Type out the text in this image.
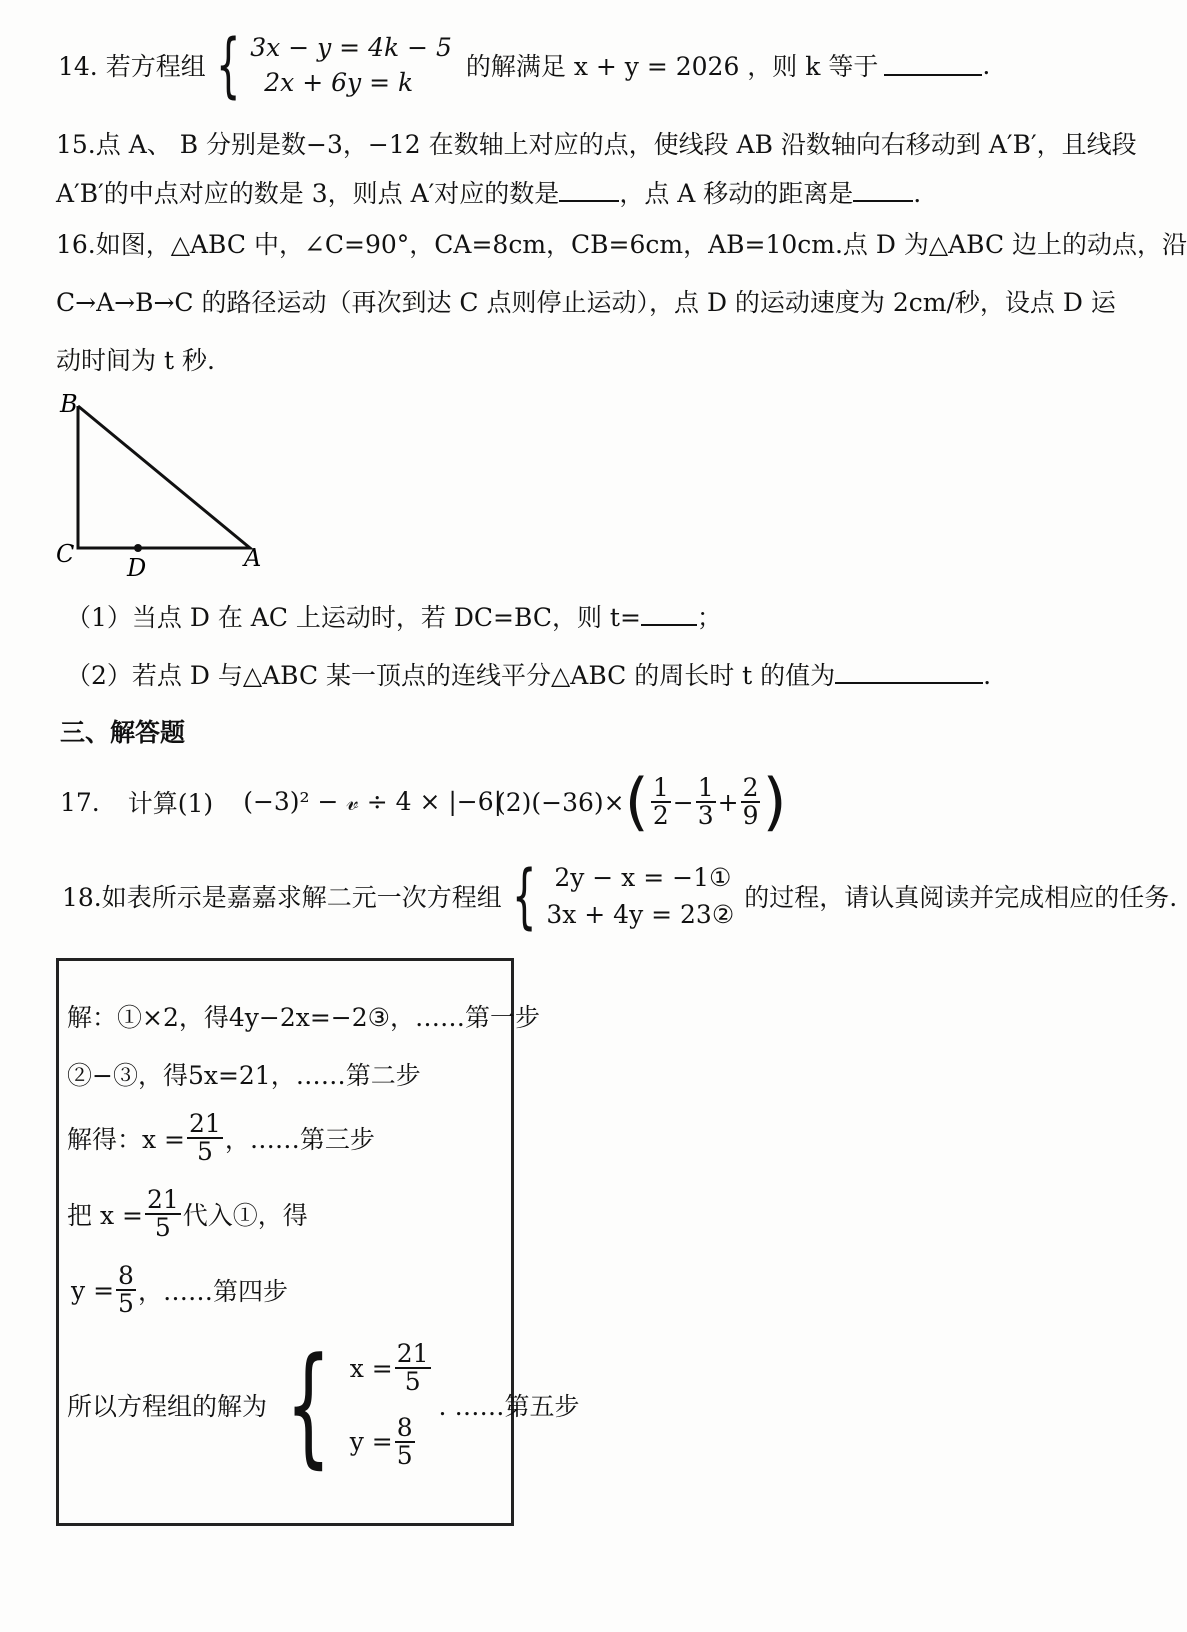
14. 若方程组 { 3x − y = 4k − 5
2x + 6y = k
的解满足 x + y = 2026 ，则 k 等于	.
15.点 A、 B 分别是数−3，−12 在数轴上对应的点，使线段 AB 沿数轴向右移动到 A′B′，且线段
A′B′的中点对应的数是 3，则点 A′对应的数是 ，点 A 移动的距离是 .
16.如图，△ABC 中，∠C=90°，CA=8cm，CB=6cm，AB=10cm.点 D 为△ABC 边上的动点，沿
C→A→B→C 的路径运动（再次到达 C 点则停止运动），点 D 的运动速度为 2cm/秒，设点 D 运
动时间为 t 秒.
B
C D	A
（1）当点 D 在 AC 上运动时，若 DC=BC，则 t= ；
（2）若点 D 与△ABC 某一顶点的连线平分△ABC 的周长时 t 的值为	.
三、解答题
17. 计算(1) (−3)² − 𝓋 ÷ 4 × |−6|
(2)(−36)× ( $\frac{1}{2} - \frac{1}{3} + \frac{2}{9}$ )
18.如表所示是嘉嘉求解二元一次方程组 { 2y − x = −1①
3x + 4y = 23②
的过程，请认真阅读并完成相应的任务.
解：①×2，得4y−2x=−2③，……第一步
②−③，得5x=21，……第二步
解得：$x = \frac{21}{5}$ ，……第三步
把 $x = \frac{21}{5}$ 代入①，得
$y = \frac{8}{5}$ ，……第四步
所以方程组的解为 { $x = \frac{21}{5}$
$y = \frac{8}{5}$
. ……第五步
